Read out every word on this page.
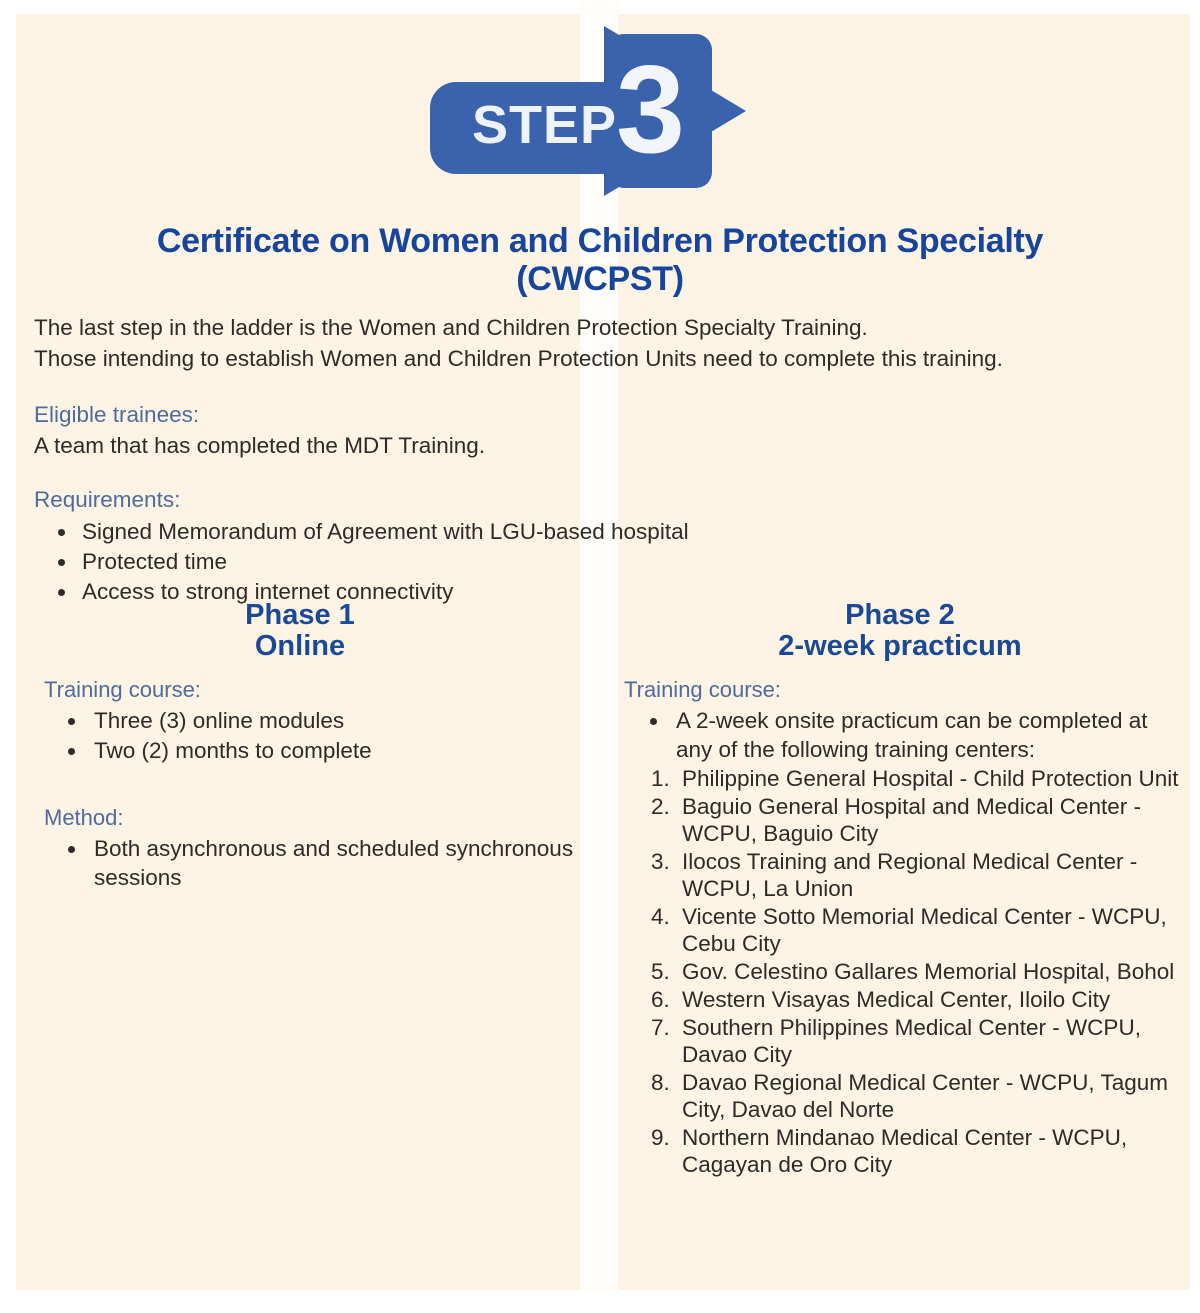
STEP
3
Certificate on Women and Children Protection Specialty
(CWCPST)
The last step in the ladder is the Women and Children Protection Specialty Training.
Those intending to establish Women and Children Protection Units need to complete this training.
Eligible trainees:
A team that has completed the MDT Training.
Requirements:
• Signed Memorandum of Agreement with LGU-based hospital
• Protected time
• Access to strong internet connectivity
Phase 1
Online
Training course:
• Three (3) online modules
• Two (2) months to complete
Method:
• Both asynchronous and scheduled synchronous sessions
Phase 2
2-week practicum
Training course:
• A 2-week onsite practicum can be completed at any of the following training centers:
1. Philippine General Hospital - Child Protection Unit
2. Baguio General Hospital and Medical Center - WCPU, Baguio City
3. Ilocos Training and Regional Medical Center - WCPU, La Union
4. Vicente Sotto Memorial Medical Center - WCPU, Cebu City
5. Gov. Celestino Gallares Memorial Hospital, Bohol
6. Western Visayas Medical Center, Iloilo City
7. Southern Philippines Medical Center - WCPU, Davao City
8. Davao Regional Medical Center - WCPU, Tagum City, Davao del Norte
9. Northern Mindanao Medical Center - WCPU, Cagayan de Oro City
